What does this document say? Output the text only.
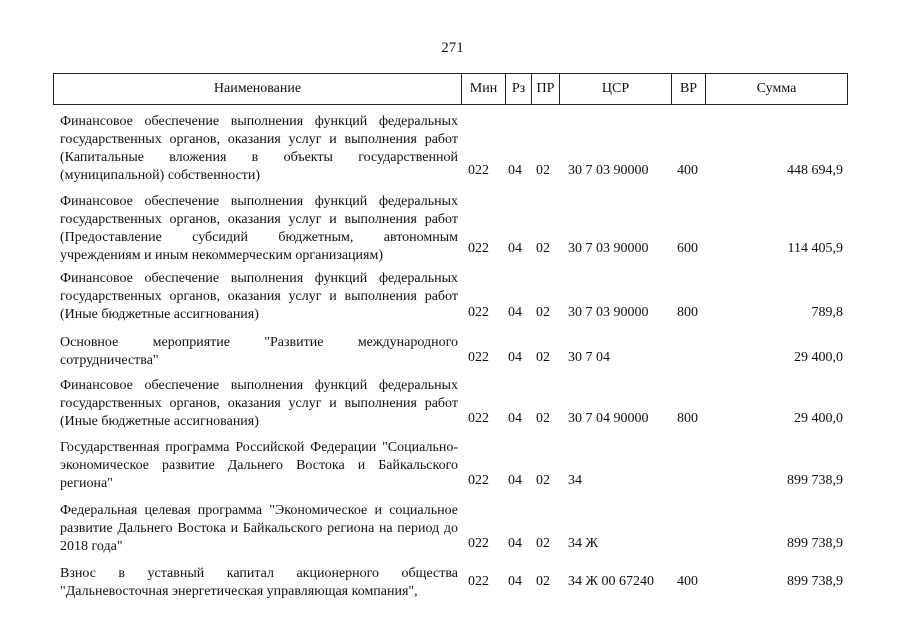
271
Наименование	Мин	Рз ПР	ЦСР	ВР	Сумма
Финансовое обеспечение выполнения функций федеральных государственных органов, оказания услуг и выполнения работ (Капитальные вложения в объекты государственной (муниципальной) собственности)	022 04 02 30 7 03 90000 400	448 694,9
Финансовое обеспечение выполнения функций федеральных государственных органов, оказания услуг и выполнения работ (Предоставление субсидий бюджетным, автономным учреждениям и иным некоммерческим организациям)	022 04 02 30 7 03 90000 600	114 405,9
Финансовое обеспечение выполнения функций федеральных государственных органов, оказания услуг и выполнения работ (Иные бюджетные ассигнования)	022 04 02 30 7 03 90000 800	789,8
Основное мероприятие "Развитие международного сотрудничества"	022 04 02 30 7 04	29 400,0
Финансовое обеспечение выполнения функций федеральных государственных органов, оказания услуг и выполнения работ (Иные бюджетные ассигнования)	022 04 02 30 7 04 90000 800	29 400,0
Государственная программа Российской Федерации "Социально-экономическое развитие Дальнего Востока и Байкальского региона"	022 04 02 34	899 738,9
Федеральная целевая программа "Экономическое и социальное развитие Дальнего Востока и Байкальского региона на период до 2018 года"	022 04 02 34 Ж	899 738,9
Взнос в уставный капитал акционерного общества "Дальневосточная энергетическая управляющая компания",
022 04 02 34 Ж 00 67240 400	899 738,9
